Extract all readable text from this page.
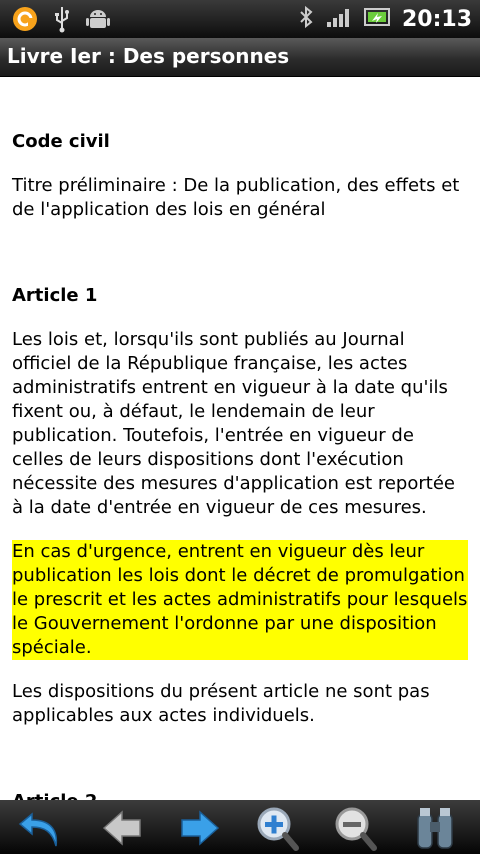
20:13
Livre Ier : Des personnes

Code civil

Titre préliminaire : De la publication, des effets et de l'application des lois en général

Article 1

Les lois et, lorsqu'ils sont publiés au Journal officiel de la République française, les actes administratifs entrent en vigueur à la date qu'ils fixent ou, à défaut, le lendemain de leur publication. Toutefois, l'entrée en vigueur de celles de leurs dispositions dont l'exécution nécessite des mesures d'application est reportée à la date d'entrée en vigueur de ces mesures.

En cas d'urgence, entrent en vigueur dès leur publication les lois dont le décret de promulgation le prescrit et les actes administratifs pour lesquels le Gouvernement l'ordonne par une disposition spéciale.

Les dispositions du présent article ne sont pas applicables aux actes individuels.
